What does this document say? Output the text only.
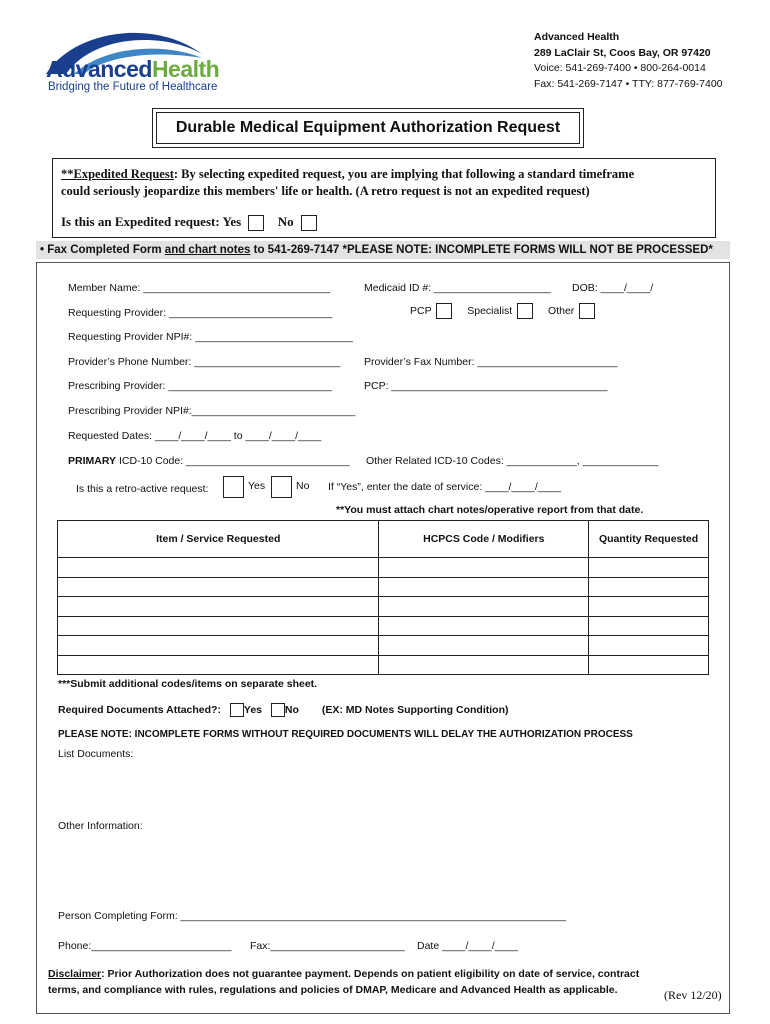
AdvancedHealth
Bridging the Future of Healthcare
Advanced Health
289 LaClair St, Coos Bay, OR 97420
Voice: 541-269-7400 • 800-264-0014
Fax: 541-269-7147 • TTY: 877-769-7400
Durable Medical Equipment Authorization Request
**Expedited Request: By selecting expedited request, you are implying that following a standard timeframe
could seriously jeopardize this members' life or health. (A retro request is not an expedited request)
Is this an Expedited request: Yes	No
• Fax Completed Form and chart notes to 541-269-7147 *PLEASE NOTE: INCOMPLETE FORMS WILL NOT BE PROCESSED*
Member Name: ________________________________	Medicaid ID #: ____________________ DOB: ____/____/
Requesting Provider: ____________________________	PCP	Specialist	Other
Requesting Provider NPI#: ___________________________
Provider’s Phone Number: _________________________ Provider’s Fax Number: ________________________
Prescribing Provider: ____________________________	PCP: _____________________________________
Prescribing Provider NPI#:____________________________
Requested Dates: ____/____/____ to ____/____/____
PRIMARY ICD-10 Code: ____________________________ Other Related ICD-10 Codes: ____________, _____________
Is this a retro-active request:	Yes	No If “Yes”, enter the date of service: ____/____/____
**You must attach chart notes/operative report from that date.
Item / Service Requested	HCPCS Code / Modifiers	Quantity Requested

***Submit additional codes/items on separate sheet.
Required Documents Attached?: Yes No (EX: MD Notes Supporting Condition)
PLEASE NOTE: INCOMPLETE FORMS WITHOUT REQUIRED DOCUMENTS WILL DELAY THE AUTHORIZATION PROCESS
List Documents:
Other Information:
Person Completing Form: __________________________________________________________________
Phone:________________________ Fax:_______________________ Date ____/____/____
Disclaimer: Prior Authorization does not guarantee payment. Depends on patient eligibility on date of service, contract
terms, and compliance with rules, regulations and policies of DMAP, Medicare and Advanced Health as applicable.	(Rev 12/20)
